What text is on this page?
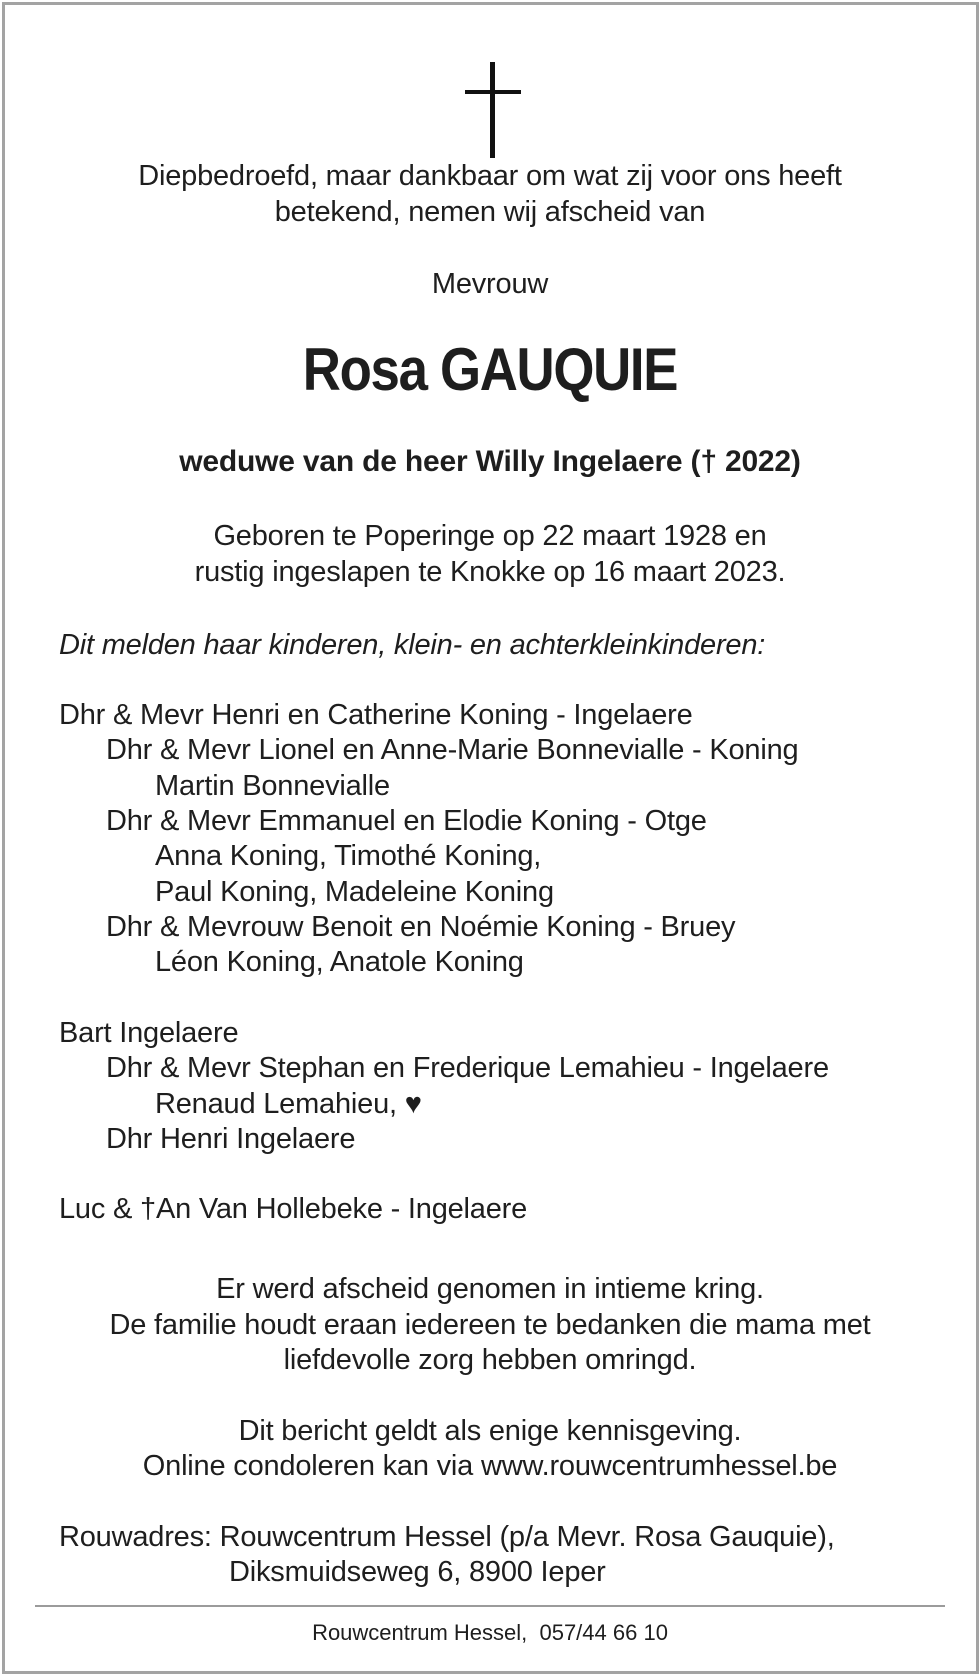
Diepbedroefd, maar dankbaar om wat zij voor ons heeft
betekend, nemen wij afscheid van
Mevrouw
Rosa GAUQUIE
weduwe van de heer Willy Ingelaere († 2022)
Geboren te Poperinge op 22 maart 1928 en
rustig ingeslapen te Knokke op 16 maart 2023.
Dit melden haar kinderen, klein- en achterkleinkinderen:
Dhr & Mevr Henri en Catherine Koning - Ingelaere
Dhr & Mevr Lionel en Anne-Marie Bonnevialle - Koning
Martin Bonnevialle
Dhr & Mevr Emmanuel en Elodie Koning - Otge
Anna Koning, Timothé Koning,
Paul Koning, Madeleine Koning
Dhr & Mevrouw Benoit en Noémie Koning - Bruey
Léon Koning, Anatole Koning
Bart Ingelaere
Dhr & Mevr Stephan en Frederique Lemahieu - Ingelaere
Renaud Lemahieu, ♥
Dhr Henri Ingelaere
Luc & †An Van Hollebeke - Ingelaere
Er werd afscheid genomen in intieme kring.
De familie houdt eraan iedereen te bedanken die mama met
liefdevolle zorg hebben omringd.
Dit bericht geldt als enige kennisgeving.
Online condoleren kan via www.rouwcentrumhessel.be
Rouwadres: Rouwcentrum Hessel (p/a Mevr. Rosa Gauquie),
Diksmuidseweg 6, 8900 Ieper
Rouwcentrum Hessel,  057/44 66 10
